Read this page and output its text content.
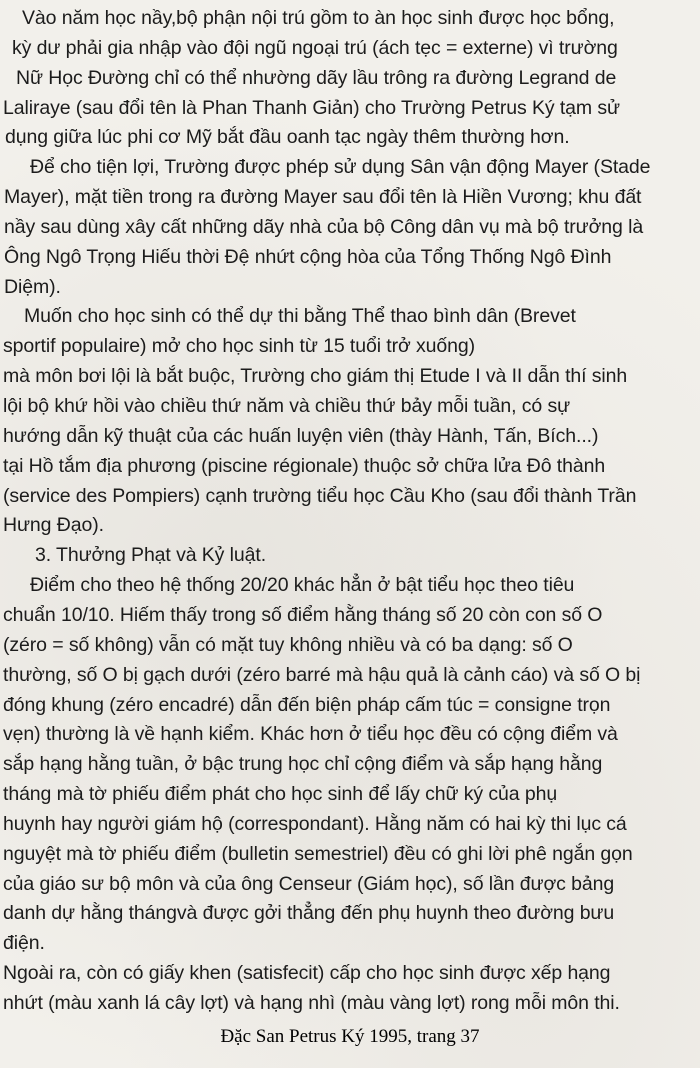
Vào năm học nầy,bộ phận nội trú gồm to àn học sinh được học bổng,
kỳ dư phải gia nhập vào đội ngũ ngoại trú (ách tẹc = externe) vì trường
Nữ Học Đường chỉ có thể nhường dãy lầu trông ra đường Legrand de
Laliraye (sau đổi tên là Phan Thanh Giản) cho Trường Petrus Ký tạm sử
dụng giữa lúc phi cơ Mỹ bắt đầu oanh tạc ngày thêm thường hơn.
Để cho tiện lợi, Trường được phép sử dụng Sân vận động Mayer (Stade
Mayer), mặt tiền trong ra đường Mayer sau đổi tên là Hiền Vương; khu đất
nầy sau dùng xây cất những dãy nhà của bộ Công dân vụ mà bộ trưởng là
Ông Ngô Trọng Hiếu thời Đệ nhứt cộng hòa của Tổng Thống Ngô Đình
Diệm).
Muốn cho học sinh có thể dự thi bằng Thể thao bình dân (Brevet
sportif populaire) mở cho học sinh từ 15 tuổi trở xuống)
mà môn bơi lội là bắt buộc, Trường cho giám thị Etude I và II dẫn thí sinh
lội bộ khứ hồi vào chiều thứ năm và chiều thứ bảy mỗi tuần, có sự
hướng dẫn kỹ thuật của các huấn luyện viên (thày Hành, Tấn, Bích...)
tại Hồ tắm địa phương (piscine régionale) thuộc sở chữa lửa Đô thành
(service des Pompiers) cạnh trường tiểu học Cầu Kho (sau đổi thành Trần
Hưng Đạo).
3. Thưởng Phạt và Kỷ luật.
Điểm cho theo hệ thống 20/20 khác hẳn ở bật tiểu học theo tiêu
chuẩn 10/10. Hiếm thấy trong số điểm hằng tháng số 20 còn con số O
(zéro = số không) vẫn có mặt tuy không nhiều và có ba dạng: số O
thường, số O bị gạch dưới (zéro barré mà hậu quả là cảnh cáo) và số O bị
đóng khung (zéro encadré) dẫn đến biện pháp cấm túc = consigne trọn
vẹn) thường là về hạnh kiểm. Khác hơn ở tiểu học đều có cộng điểm và
sắp hạng hằng tuần, ở bậc trung học chỉ cộng điểm và sắp hạng hằng
tháng mà tờ phiếu điểm phát cho học sinh để lấy chữ ký của phụ
huynh hay người giám hộ (correspondant). Hằng năm có hai kỳ thi lục cá
nguyệt mà tờ phiếu điểm (bulletin semestriel) đều có ghi lời phê ngắn gọn
của giáo sư bộ môn và của ông Censeur (Giám học), số lần được bảng
danh dự hằng thángvà được gởi thẳng đến phụ huynh theo đường bưu
điện.
Ngoài ra, còn có giấy khen (satisfecit) cấp cho học sinh được xếp hạng
nhứt (màu xanh lá cây lợt) và hạng nhì (màu vàng lợt) rong mỗi môn thi.
Đặc San Petrus Ký 1995, trang 37
